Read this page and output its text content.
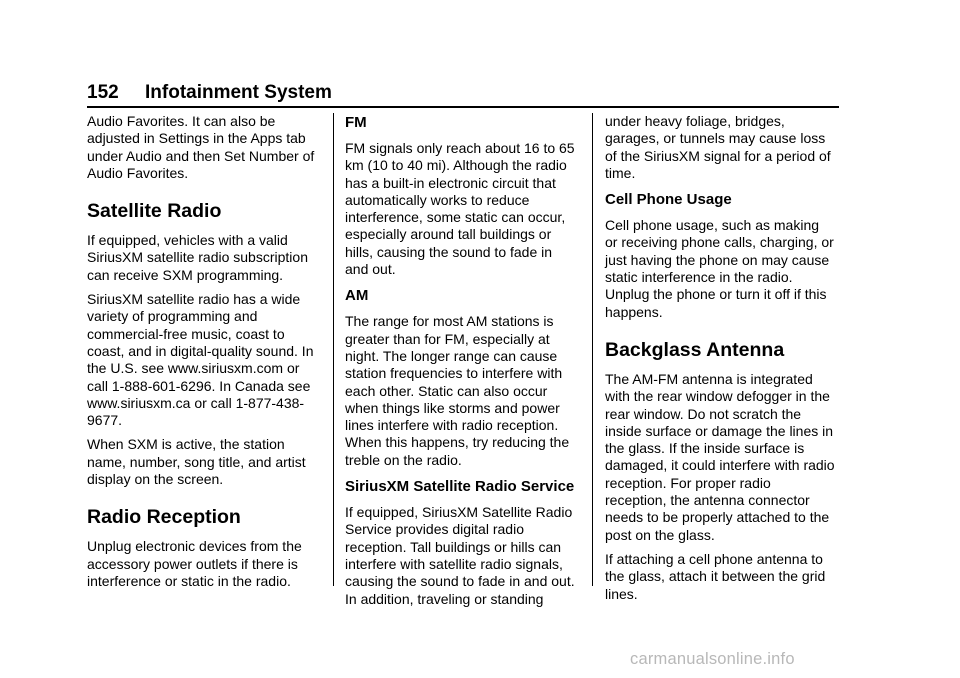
152 Infotainment System

Audio Favorites. It can also be adjusted in Settings in the Apps tab under Audio and then Set Number of Audio Favorites.

Satellite Radio

If equipped, vehicles with a valid SiriusXM satellite radio subscription can receive SXM programming.

SiriusXM satellite radio has a wide variety of programming and commercial-free music, coast to coast, and in digital-quality sound. In the U.S. see www.siriusxm.com or call 1-888-601-6296. In Canada see www.siriusxm.ca or call 1-877-438-9677.

When SXM is active, the station name, number, song title, and artist display on the screen.

Radio Reception

Unplug electronic devices from the accessory power outlets if there is interference or static in the radio.

FM

FM signals only reach about 16 to 65 km (10 to 40 mi). Although the radio has a built-in electronic circuit that automatically works to reduce interference, some static can occur, especially around tall buildings or hills, causing the sound to fade in and out.

AM

The range for most AM stations is greater than for FM, especially at night. The longer range can cause station frequencies to interfere with each other. Static can also occur when things like storms and power lines interfere with radio reception. When this happens, try reducing the treble on the radio.

SiriusXM Satellite Radio Service

If equipped, SiriusXM Satellite Radio Service provides digital radio reception. Tall buildings or hills can interfere with satellite radio signals, causing the sound to fade in and out. In addition, traveling or standing

under heavy foliage, bridges, garages, or tunnels may cause loss of the SiriusXM signal for a period of time.

Cell Phone Usage

Cell phone usage, such as making or receiving phone calls, charging, or just having the phone on may cause static interference in the radio. Unplug the phone or turn it off if this happens.

Backglass Antenna

The AM-FM antenna is integrated with the rear window defogger in the rear window. Do not scratch the inside surface or damage the lines in the glass. If the inside surface is damaged, it could interfere with radio reception. For proper radio reception, the antenna connector needs to be properly attached to the post on the glass.

If attaching a cell phone antenna to the glass, attach it between the grid lines.

carmanualsonline.info
